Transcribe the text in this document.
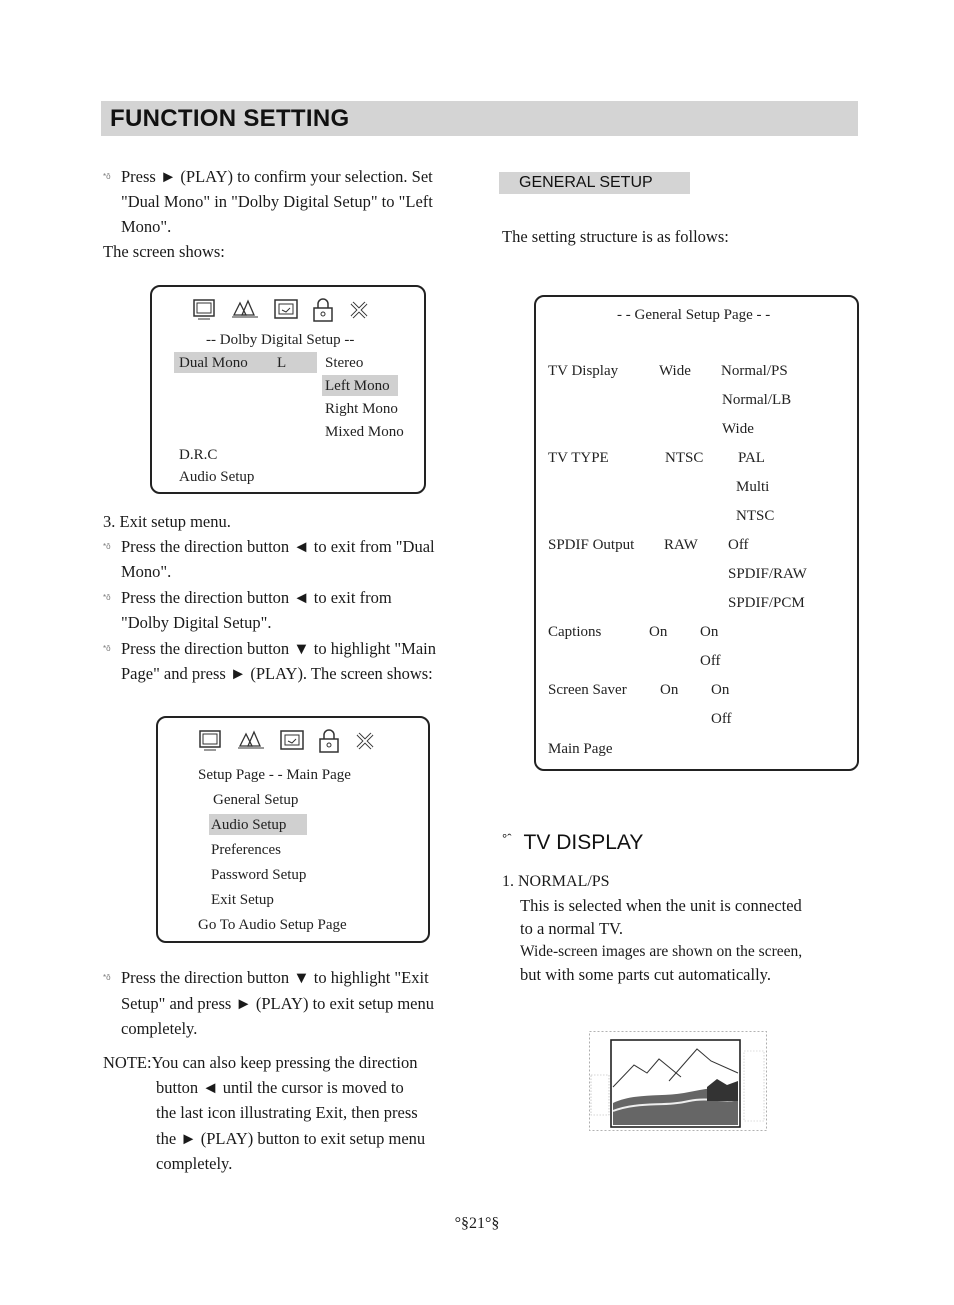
FUNCTION SETTING
*ô Press ► (PLAY) to confirm your selection. Set
"Dual Mono" in "Dolby Digital Setup" to "Left
Mono".
The screen shows:
-- Dolby Digital Setup --
Dual Mono L	Stereo
Left Mono
Right Mono
Mixed Mono
D.R.C
Audio Setup
3. Exit setup menu.
*ô Press the direction button ◄ to exit from "Dual
Mono".
*ô Press the direction button ◄ to exit from
"Dolby Digital Setup".
*ô Press the direction button ▼ to highlight "Main
Page" and press ► (PLAY). The screen shows:
Setup Page - - Main Page
General Setup
Audio Setup
Preferences
Password Setup
Exit Setup
Go To Audio Setup Page
*ô Press the direction button ▼ to highlight "Exit
Setup" and press ► (PLAY) to exit setup menu
completely.
NOTE:You can also keep pressing the direction
button ◄ until the cursor is moved to
the last icon illustrating Exit, then press
the ► (PLAY) button to exit setup menu
completely.
GENERAL SETUP
The setting structure is as follows:
- - General Setup Page - -
TV Display	Wide Normal/PS
Normal/LB
Wide
TV TYPE	NTSC PAL
Multi
NTSC
SPDIF Output RAW Off
SPDIF/RAW
SPDIF/PCM
Captions	On On
Off
Screen Saver On On
Off
Main Page
$^{^\circ ˆ}$ TV DISPLAY
1. NORMAL/PS
This is selected when the unit is connected
to a normal TV.
Wide-screen images are shown on the screen,
but with some parts cut automatically.
°§21°§
